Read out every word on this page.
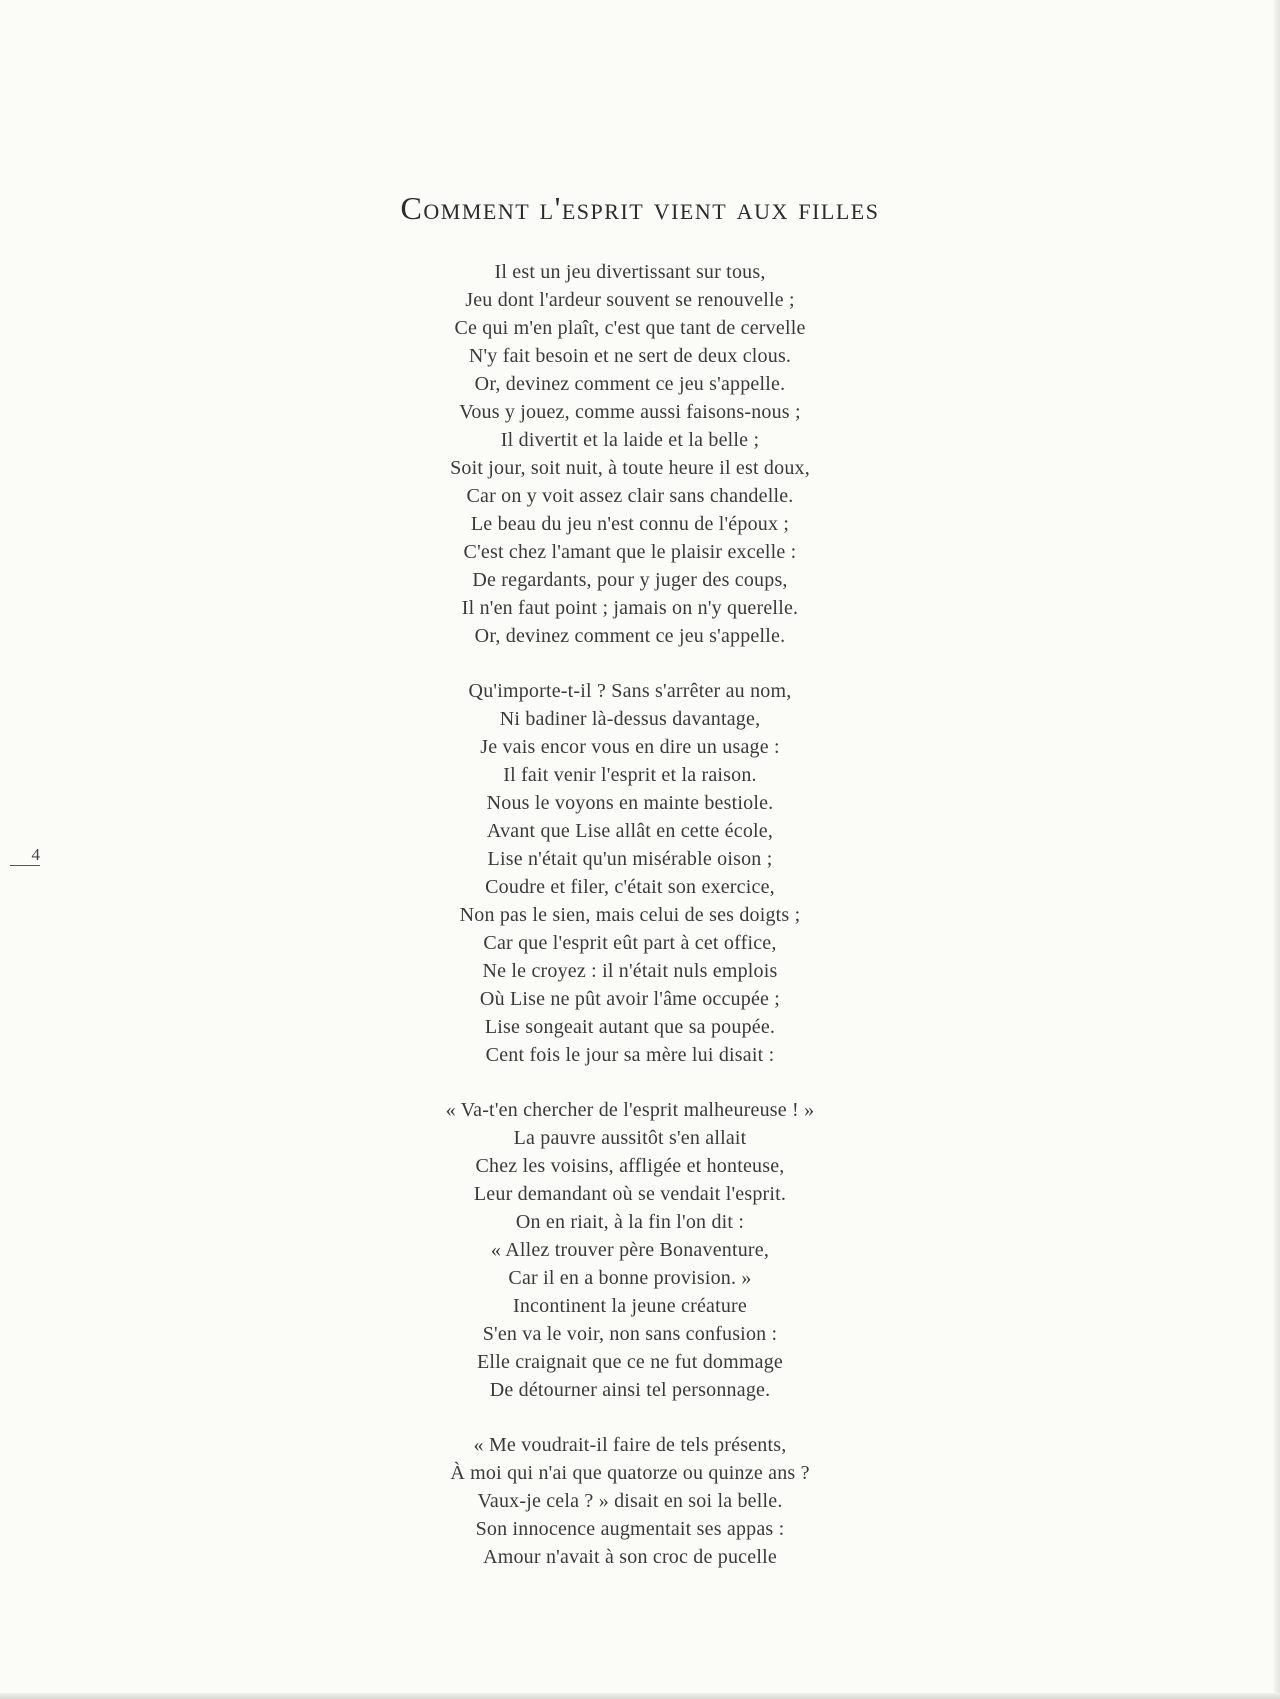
Comment l'esprit vient aux filles
Il est un jeu divertissant sur tous,
Jeu dont l'ardeur souvent se renouvelle ;
Ce qui m'en plaît, c'est que tant de cervelle
N'y fait besoin et ne sert de deux clous.
Or, devinez comment ce jeu s'appelle.
Vous y jouez, comme aussi faisons-nous ;
Il divertit et la laide et la belle ;
Soit jour, soit nuit, à toute heure il est doux,
Car on y voit assez clair sans chandelle.
Le beau du jeu n'est connu de l'époux ;
C'est chez l'amant que le plaisir excelle :
De regardants, pour y juger des coups,
Il n'en faut point ; jamais on n'y querelle.
Or, devinez comment ce jeu s'appelle.
Qu'importe-t-il ? Sans s'arrêter au nom,
Ni badiner là-dessus davantage,
Je vais encor vous en dire un usage :
Il fait venir l'esprit et la raison.
Nous le voyons en mainte bestiole.
Avant que Lise allât en cette école,
Lise n'était qu'un misérable oison ;
Coudre et filer, c'était son exercice,
Non pas le sien, mais celui de ses doigts ;
Car que l'esprit eût part à cet office,
Ne le croyez : il n'était nuls emplois
Où Lise ne pût avoir l'âme occupée ;
Lise songeait autant que sa poupée.
Cent fois le jour sa mère lui disait :
« Va-t'en chercher de l'esprit malheureuse ! »
La pauvre aussitôt s'en allait
Chez les voisins, affligée et honteuse,
Leur demandant où se vendait l'esprit.
On en riait, à la fin l'on dit :
« Allez trouver père Bonaventure,
Car il en a bonne provision. »
Incontinent la jeune créature
S'en va le voir, non sans confusion :
Elle craignait que ce ne fut dommage
De détourner ainsi tel personnage.
« Me voudrait-il faire de tels présents,
À moi qui n'ai que quatorze ou quinze ans ?
Vaux-je cela ? » disait en soi la belle.
Son innocence augmentait ses appas :
Amour n'avait à son croc de pucelle
4
